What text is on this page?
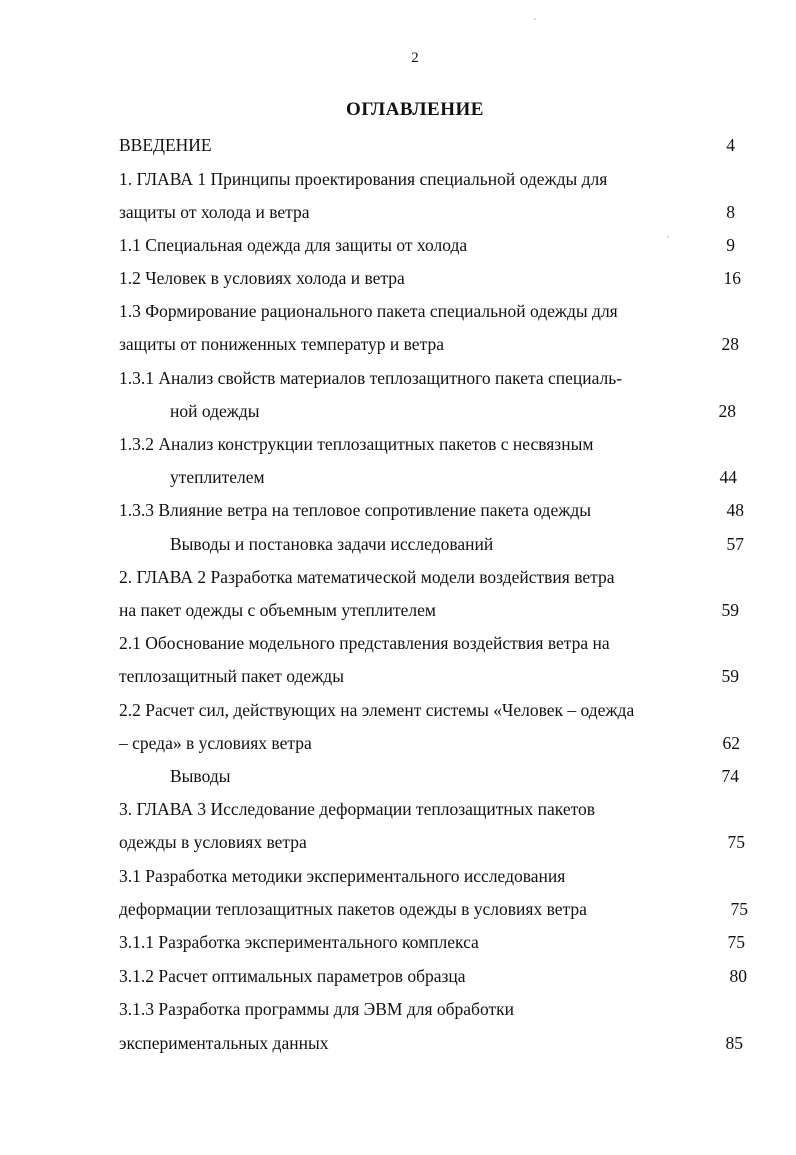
2
ОГЛАВЛЕНИЕ
ВВЕДЕНИЕ	4
1. ГЛАВА 1 Принципы проектирования специальной одежды для
защиты от холода и ветра	8
1.1 Специальная одежда для защиты от холода	9
1.2 Человек в условиях холода и ветра	16
1.3 Формирование рационального пакета специальной одежды для
защиты от пониженных температур и ветра	28
1.3.1 Анализ свойств материалов теплозащитного пакета специаль-
ной одежды	28
1.3.2 Анализ конструкции теплозащитных пакетов с несвязным
утеплителем	44
1.3.3 Влияние ветра на тепловое сопротивление пакета одежды	48
Выводы и постановка задачи исследований	57
2. ГЛАВА 2 Разработка математической модели воздействия ветра
на пакет одежды с объемным утеплителем	59
2.1 Обоснование модельного представления воздействия ветра на
теплозащитный пакет одежды	59
2.2 Расчет сил, действующих на элемент системы «Человек – одежда
– среда» в условиях ветра	62
Выводы	74
3. ГЛАВА 3 Исследование деформации теплозащитных пакетов
одежды в условиях ветра	75
3.1 Разработка методики экспериментального исследования
деформации теплозащитных пакетов одежды в условиях ветра	75
3.1.1 Разработка экспериментального комплекса	75
3.1.2 Расчет оптимальных параметров образца	80
3.1.3 Разработка программы для ЭВМ для обработки
экспериментальных данных	85
